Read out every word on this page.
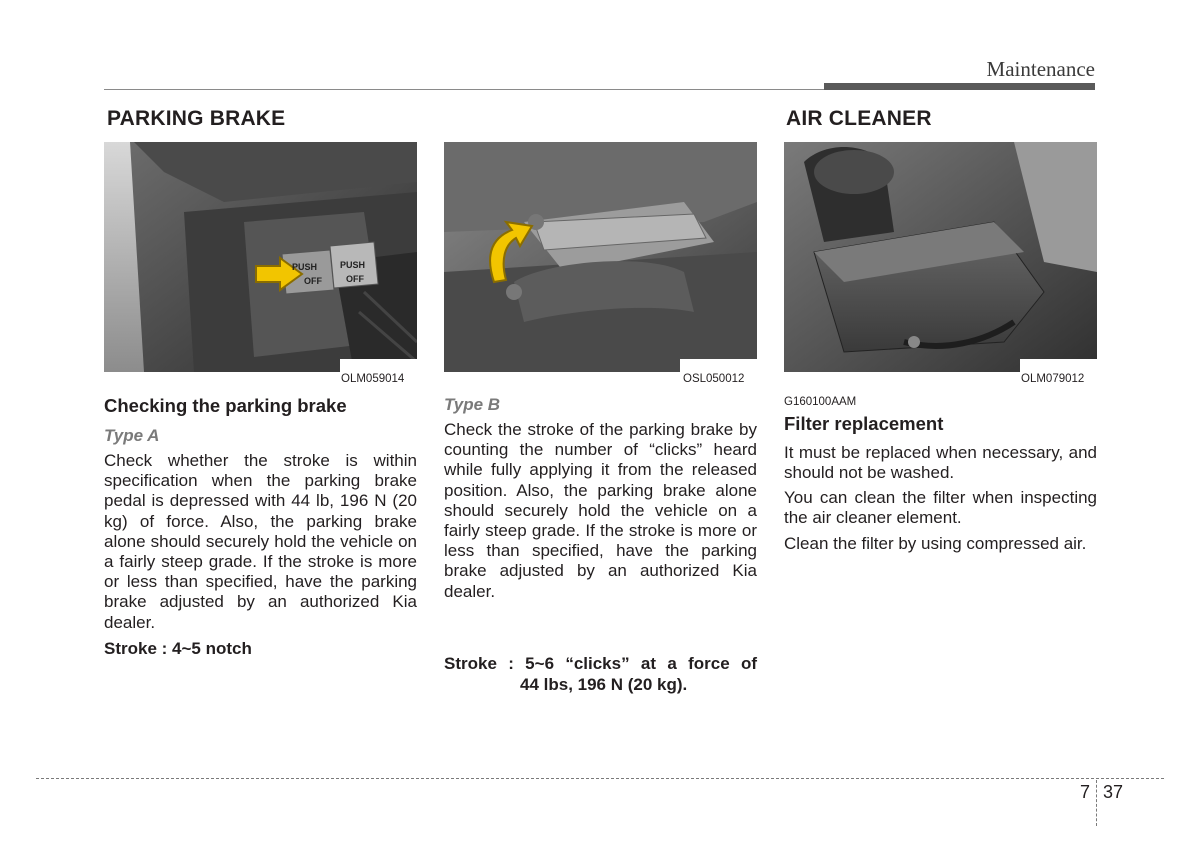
Maintenance
PARKING BRAKE	AIR CLEANER
PUSH
OFF
PUSH
OFF
OLM059014	OSL050012	OLM079012
Checking the parking brake
Type A
Check whether the stroke is within specification when the parking brake pedal is depressed with 44 lb, 196 N (20 kg) of force. Also, the parking brake alone should securely hold the vehicle on a fairly steep grade. If the stroke is more or less than specified, have the parking brake adjusted by an authorized Kia dealer.
Stroke : 4~5 notch
Type B
Check the stroke of the parking brake by counting the number of “clicks” heard while fully applying it from the released position. Also, the parking brake alone should securely hold the vehicle on a fairly steep grade. If the stroke is more or less than specified, have the parking brake adjusted by an authorized Kia dealer.
Stroke : 5~6 “clicks” at a force of
44 lbs, 196 N (20 kg).
G160100AAM
Filter replacement
It must be replaced when necessary, and should not be washed.
You can clean the filter when inspecting the air cleaner element.
Clean the filter by using compressed air.
7 37
